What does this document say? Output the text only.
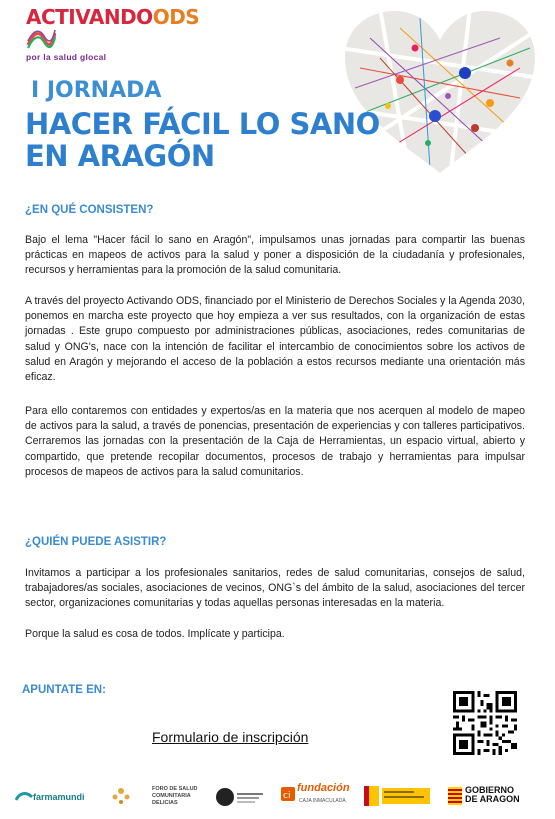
ACTIVANDOODS
por la salud glocal
I JORNADA
HACER FÁCIL LO SANO
EN ARAGÓN
¿EN QUÉ CONSISTEN?
Bajo el lema "Hacer fácil lo sano en Aragón", impulsamos unas jornadas para compartir las buenas prácticas en mapeos de activos para la salud y poner a disposición de la ciudadanía y profesionales, recursos y herramientas para la promoción de la salud comunitaria.
A través del proyecto Activando ODS, financiado por el Ministerio de Derechos Sociales y la Agenda 2030, ponemos en marcha este proyecto que hoy empieza a ver sus resultados, con la organización de estas jornadas . Este grupo compuesto por administraciones públicas, asociaciones, redes comunitarias de salud y ONG's, nace con la intención de facilitar el intercambio de conocimientos sobre los activos de salud en Aragón y mejorando el acceso de la población a estos recursos mediante una orientación más eficaz.
Para ello contaremos con entidades y expertos/as en la materia que nos acerquen al modelo de mapeo de activos para la salud, a través de ponencias, presentación de experiencias y con talleres participativos. Cerraremos las jornadas con la presentación de la Caja de Herramientas, un espacio virtual, abierto y compartido, que pretende recopilar documentos, procesos de trabajo y herramientas para impulsar procesos de mapeos de activos para la salud comunitarios.
¿QUIÉN PUEDE ASISTIR?
Invitamos a participar a los profesionales sanitarios, redes de salud comunitarias, consejos de salud, trabajadores/as sociales, asociaciones de vecinos, ONG`s del ámbito de la salud, asociaciones del tercer sector, organizaciones comunitarias y todas aquellas personas interesadas en la materia.
Porque la salud es cosa de todos. Implícate y participa.
APUNTATE EN:
Formulario de inscripción
farmamundi
FORO DE SALUD
COMUNITARIA
DELICIAS
ci
fundación
CAJA INMACULADA
GOBIERNO
DE ARAGON
